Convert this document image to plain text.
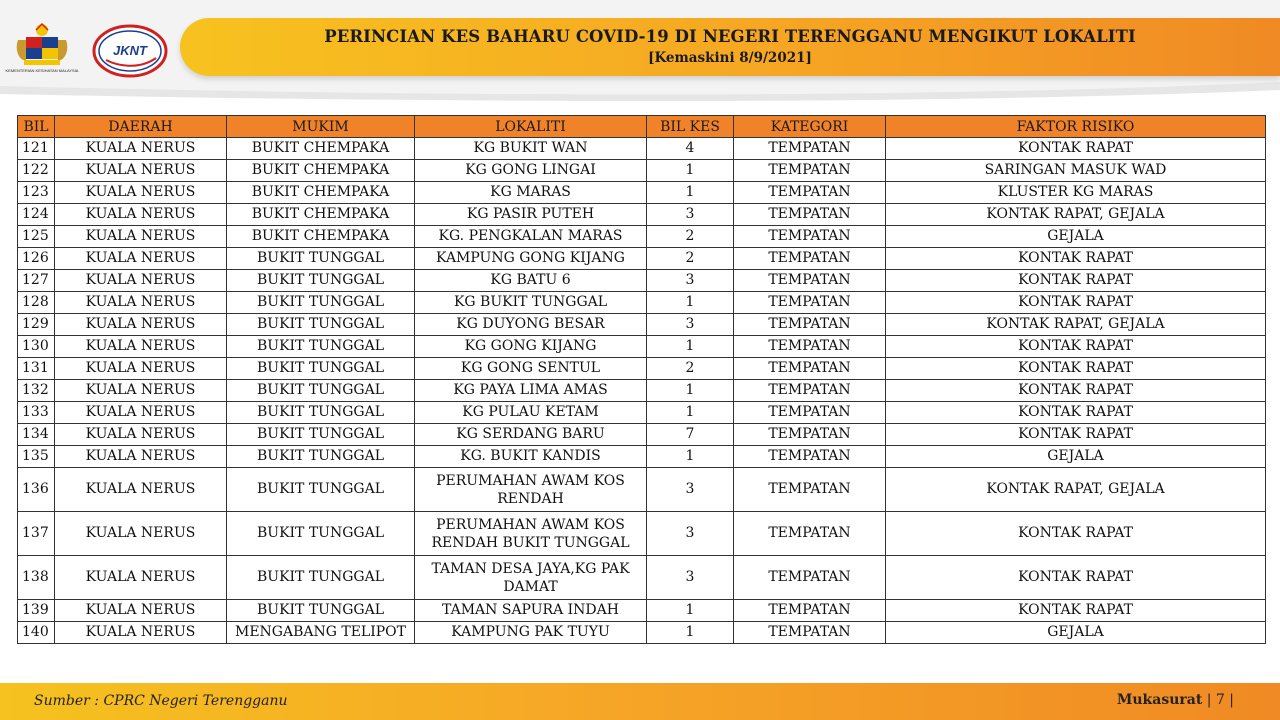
KEMENTERIAN KESIHATAN MALAYSIA
JKNT
PERINCIAN KES BAHARU COVID-19 DI NEGERI TERENGGANU MENGIKUT LOKALITI
[Kemaskini 8/9/2021]
BIL	DAERAH	MUKIM	LOKALITI	BIL KES	KATEGORI	FAKTOR RISIKO
121	KUALA NERUS	BUKIT CHEMPAKA	KG BUKIT WAN	4	TEMPATAN	KONTAK RAPAT
122	KUALA NERUS	BUKIT CHEMPAKA	KG GONG LINGAI	1	TEMPATAN	SARINGAN MASUK WAD
123	KUALA NERUS	BUKIT CHEMPAKA	KG MARAS	1	TEMPATAN	KLUSTER KG MARAS
124	KUALA NERUS	BUKIT CHEMPAKA	KG PASIR PUTEH	3	TEMPATAN	KONTAK RAPAT, GEJALA
125	KUALA NERUS	BUKIT CHEMPAKA	KG. PENGKALAN MARAS	2	TEMPATAN	GEJALA
126	KUALA NERUS	BUKIT TUNGGAL	KAMPUNG GONG KIJANG	2	TEMPATAN	KONTAK RAPAT
127	KUALA NERUS	BUKIT TUNGGAL	KG BATU 6	3	TEMPATAN	KONTAK RAPAT
128	KUALA NERUS	BUKIT TUNGGAL	KG BUKIT TUNGGAL	1	TEMPATAN	KONTAK RAPAT
129	KUALA NERUS	BUKIT TUNGGAL	KG DUYONG BESAR	3	TEMPATAN	KONTAK RAPAT, GEJALA
130	KUALA NERUS	BUKIT TUNGGAL	KG GONG KIJANG	1	TEMPATAN	KONTAK RAPAT
131	KUALA NERUS	BUKIT TUNGGAL	KG GONG SENTUL	2	TEMPATAN	KONTAK RAPAT
132	KUALA NERUS	BUKIT TUNGGAL	KG PAYA LIMA AMAS	1	TEMPATAN	KONTAK RAPAT
133	KUALA NERUS	BUKIT TUNGGAL	KG PULAU KETAM	1	TEMPATAN	KONTAK RAPAT
134	KUALA NERUS	BUKIT TUNGGAL	KG SERDANG BARU	7	TEMPATAN	KONTAK RAPAT
135	KUALA NERUS	BUKIT TUNGGAL	KG. BUKIT KANDIS	1	TEMPATAN	GEJALA
136	KUALA NERUS	BUKIT TUNGGAL	PERUMAHAN AWAM KOS RENDAH	3	TEMPATAN	KONTAK RAPAT, GEJALA
137	KUALA NERUS	BUKIT TUNGGAL	PERUMAHAN AWAM KOS RENDAH BUKIT TUNGGAL	3	TEMPATAN	KONTAK RAPAT
138	KUALA NERUS	BUKIT TUNGGAL	TAMAN DESA JAYA,KG PAK DAMAT	3	TEMPATAN	KONTAK RAPAT
139	KUALA NERUS	BUKIT TUNGGAL	TAMAN SAPURA INDAH	1	TEMPATAN	KONTAK RAPAT
140	KUALA NERUS	MENGABANG TELIPOT	KAMPUNG PAK TUYU	1	TEMPATAN	GEJALA
Sumber : CPRC Negeri Terengganu	Mukasurat | 7 |
